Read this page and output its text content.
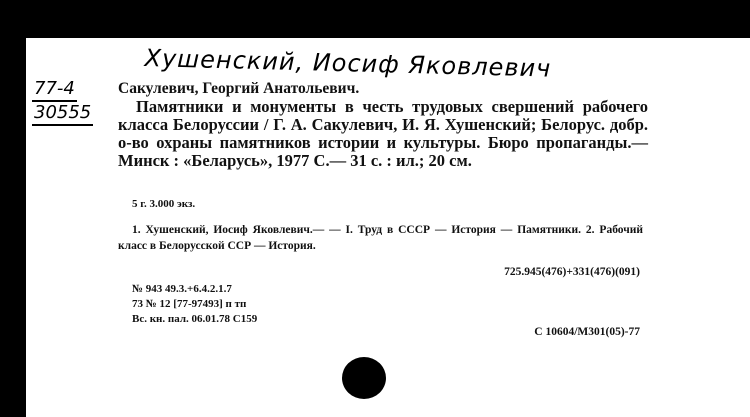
Хушенский, Иосиф Яковлевич
77-4
30555
Сакулевич, Георгий Анатольевич.
Памятники и монументы в честь трудовых свершений рабочего класса Белоруссии / Г. А. Сакулевич, И. Я. Хушенский; Белорус. добр. о-во охраны памятников истории и культуры. Бюро пропаганды.— Минск : «Беларусь», 1977 С.— 31 с. : ил.; 20 см.
5 г. 3.000 экз.
1. Хушенский, Иосиф Яковлевич.— — I. Труд в СССР — История — Памятники. 2. Рабочий класс в Белорусской ССР — История.
725.945(476)+331(476)(091)
№ 943 49.3.+6.4.2.1.7
73 № 12 [77-97493] п тп
Вс. кн. пал. 06.01.78 С159
С 10604/М301(05)-77
